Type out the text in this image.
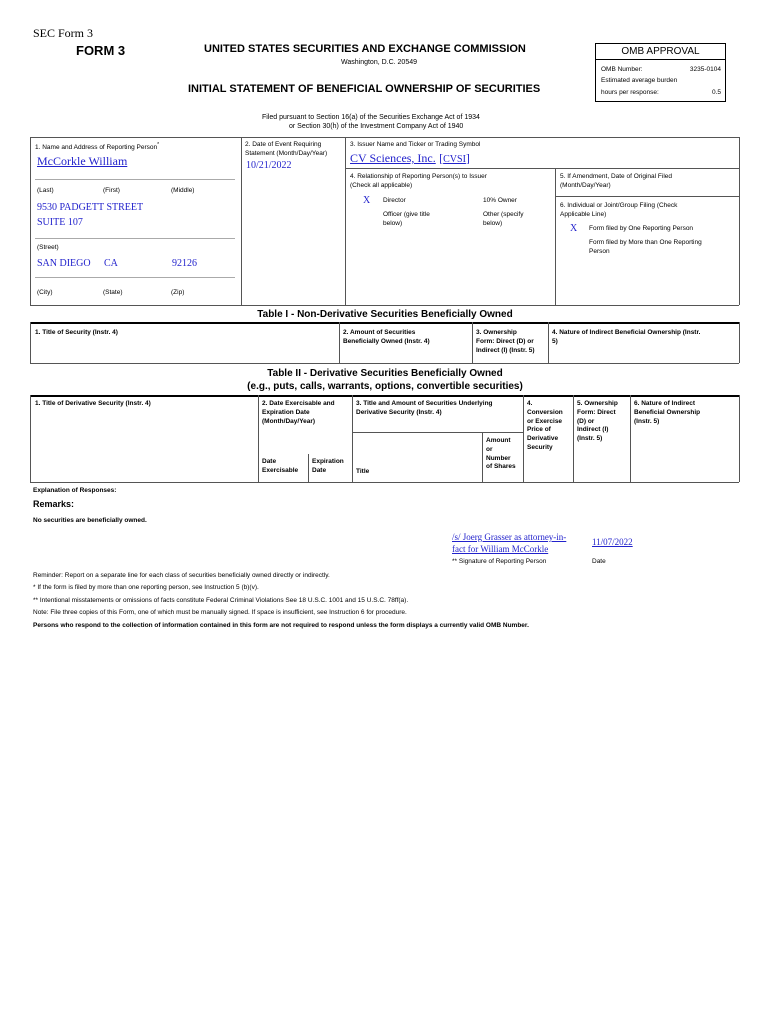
SEC Form 3
FORM 3	UNITED STATES SECURITIES AND EXCHANGE COMMISSION
Washington, D.C. 20549
INITIAL STATEMENT OF BENEFICIAL OWNERSHIP OF SECURITIES
Filed pursuant to Section 16(a) of the Securities Exchange Act of 1934
or Section 30(h) of the Investment Company Act of 1940
OMB APPROVAL
OMB Number:	3235-0104
Estimated average burden
hours per response:	0.5
1. Name and Address of Reporting Person*
McCorkle William
(Last)	(First)	(Middle)
9530 PADGETT STREET
SUITE 107
(Street)
SAN DIEGO CA	92126
(City)	(State)	(Zip)
2. Date of Event Requiring
Statement (Month/Day/Year)
10/21/2022
3. Issuer Name and Ticker or Trading Symbol
CV Sciences, Inc. [CVSI]
4. Relationship of Reporting Person(s) to Issuer
(Check all applicable)
X Director	10% Owner
Officer (give title
below)
Other (specify
below)
5. If Amendment, Date of Original Filed
(Month/Day/Year)
6. Individual or Joint/Group Filing (Check
Applicable Line)
X Form filed by One Reporting Person
Form filed by More than One Reporting
Person
Table I - Non-Derivative Securities Beneficially Owned
1. Title of Security (Instr. 4)	2. Amount of Securities
Beneficially Owned (Instr. 4)
3. Ownership
Form: Direct (D) or
Indirect (I) (Instr. 5)
4. Nature of Indirect Beneficial Ownership (Instr.
5)
Table II - Derivative Securities Beneficially Owned
(e.g., puts, calls, warrants, options, convertible securities)
1. Title of Derivative Security (Instr. 4)	2. Date Exercisable and
Expiration Date
(Month/Day/Year)
3. Title and Amount of Securities Underlying
Derivative Security (Instr. 4)
4.
Conversion
or Exercise
Price of
Derivative
Security
5. Ownership
Form: Direct
(D) or
Indirect (I)
(Instr. 5)
6. Nature of Indirect
Beneficial Ownership
(Instr. 5)
Date
Exercisable
Expiration
Date	Title
Amount
or
Number
of Shares
Explanation of Responses:
Remarks:
No securities are beneficially owned.
/s/ Joerg Grasser as attorney-in-
fact for William McCorkle
11/07/2022
** Signature of Reporting Person	Date
Reminder: Report on a separate line for each class of securities beneficially owned directly or indirectly.
* If the form is filed by more than one reporting person, see Instruction 5 (b)(v).
** Intentional misstatements or omissions of facts constitute Federal Criminal Violations See 18 U.S.C. 1001 and 15 U.S.C. 78ff(a).
Note: File three copies of this Form, one of which must be manually signed. If space is insufficient, see Instruction 6 for procedure.
Persons who respond to the collection of information contained in this form are not required to respond unless the form displays a currently valid OMB Number.
